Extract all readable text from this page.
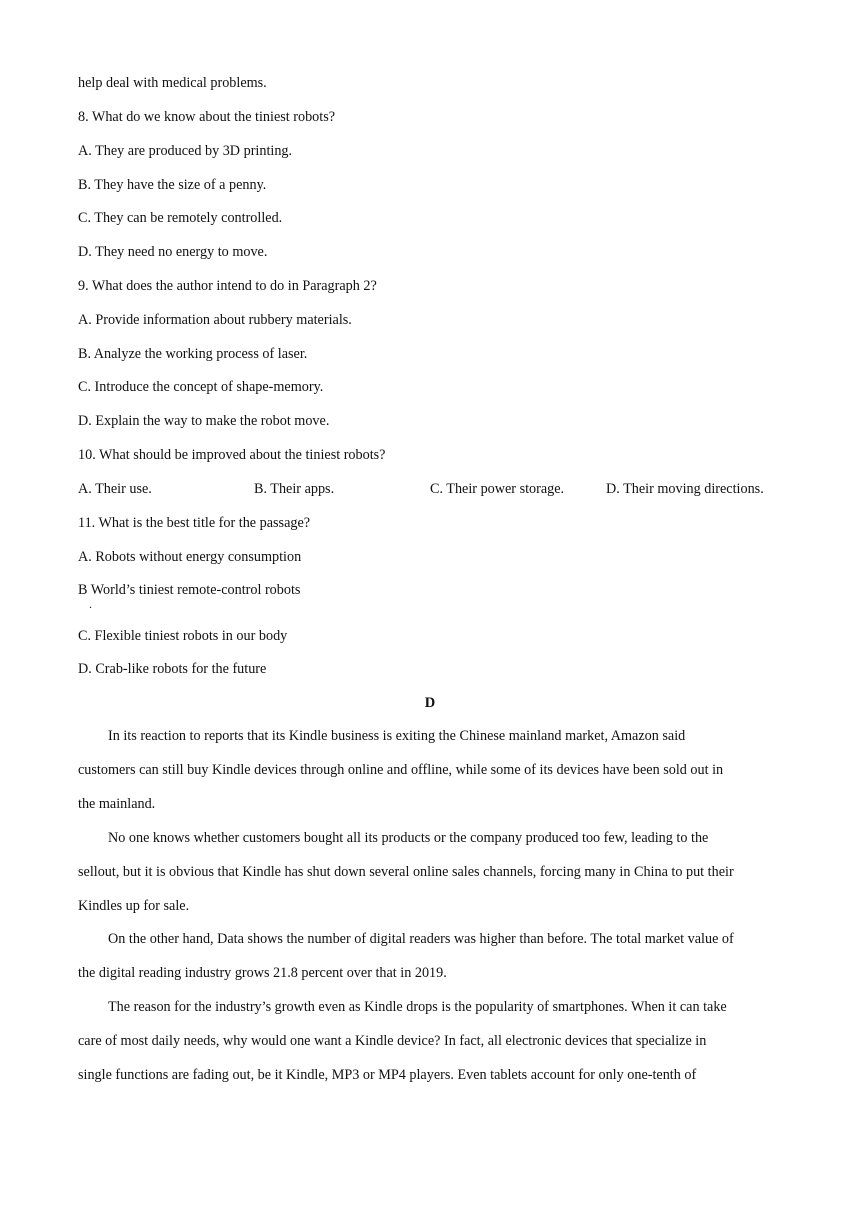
help deal with medical problems.
8. What do we know about the tiniest robots?
A. They are produced by 3D printing.
B. They have the size of a penny.
C. They can be remotely controlled.
D. They need no energy to move.
9. What does the author intend to do in Paragraph 2?
A. Provide information about rubbery materials.
B. Analyze the working process of laser.
C. Introduce the concept of shape-memory.
D. Explain the way to make the robot move.
10. What should be improved about the tiniest robots?
A. Their use.	B. Their apps.	C. Their power storage.	D. Their moving directions.
11. What is the best title for the passage?
A. Robots without energy consumption
B World’s tiniest remote-control robots
.
C. Flexible tiniest robots in our body
D. Crab-like robots for the future
D
In its reaction to reports that its Kindle business is exiting the Chinese mainland market, Amazon said
customers can still buy Kindle devices through online and offline, while some of its devices have been sold out in
the mainland.
No one knows whether customers bought all its products or the company produced too few, leading to the
sellout, but it is obvious that Kindle has shut down several online sales channels, forcing many in China to put their
Kindles up for sale.
On the other hand, Data shows the number of digital readers was higher than before. The total market value of
the digital reading industry grows 21.8 percent over that in 2019.
The reason for the industry’s growth even as Kindle drops is the popularity of smartphones. When it can take
care of most daily needs, why would one want a Kindle device? In fact, all electronic devices that specialize in
single functions are fading out, be it Kindle, MP3 or MP4 players. Even tablets account for only one-tenth of
